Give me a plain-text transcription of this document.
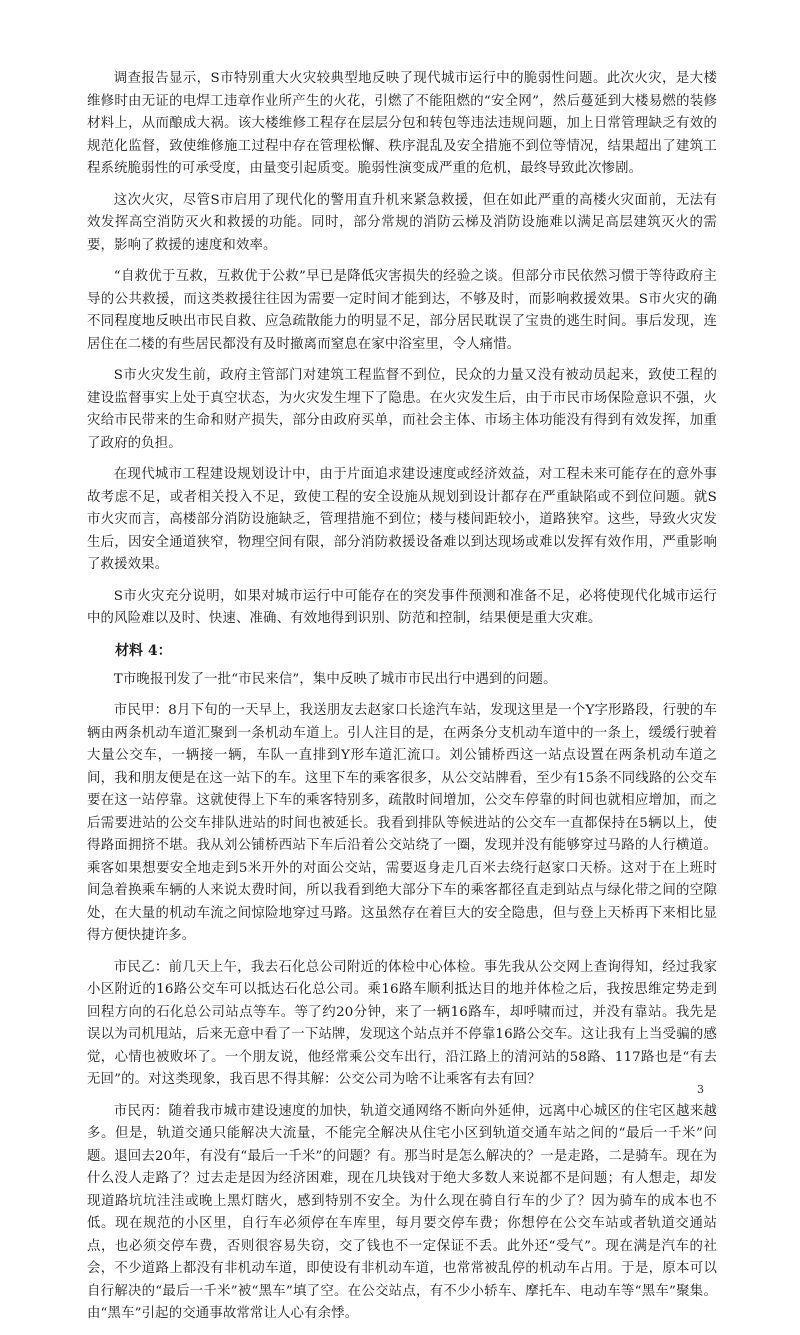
调查报告显示，S市特别重大火灾较典型地反映了现代城市运行中的脆弱性问题。此次火灾，是大楼维修时由无证的电焊工违章作业所产生的火花，引燃了不能阻燃的“安全网”，然后蔓延到大楼易燃的装修材料上，从而酿成大祸。该大楼维修工程存在层层分包和转包等违法违规问题，加上日常管理缺乏有效的规范化监督，致使维修施工过程中存在管理松懈、秩序混乱及安全措施不到位等情况，结果超出了建筑工程系统脆弱性的可承受度，由量变引起质变。脆弱性演变成严重的危机，最终导致此次惨剧。

这次火灾，尽管S市启用了现代化的警用直升机来紧急救援，但在如此严重的高楼火灾面前，无法有效发挥高空消防灭火和救援的功能。同时，部分常规的消防云梯及消防设施难以满足高层建筑灭火的需要，影响了救援的速度和效率。

“自救优于互救，互救优于公救”早已是降低灾害损失的经验之谈。但部分市民依然习惯于等待政府主导的公共救援，而这类救援往往因为需要一定时间才能到达，不够及时，而影响救援效果。S市火灾的确不同程度地反映出市民自救、应急疏散能力的明显不足，部分居民耽误了宝贵的逃生时间。事后发现，连居住在二楼的有些居民都没有及时撤离而窒息在家中浴室里，令人痛惜。

S市火灾发生前，政府主管部门对建筑工程监督不到位，民众的力量又没有被动员起来，致使工程的建设监督事实上处于真空状态，为火灾发生埋下了隐患。在火灾发生后，由于市民市场保险意识不强，火灾给市民带来的生命和财产损失，部分由政府买单，而社会主体、市场主体功能没有得到有效发挥，加重了政府的负担。

在现代城市工程建设规划设计中，由于片面追求建设速度或经济效益，对工程未来可能存在的意外事故考虑不足，或者相关投入不足，致使工程的安全设施从规划到设计都存在严重缺陷或不到位问题。就S市火灾而言，高楼部分消防设施缺乏，管理措施不到位；楼与楼间距较小，道路狭窄。这些，导致火灾发生后，因安全通道狭窄，物理空间有限，部分消防救援设备难以到达现场或难以发挥有效作用，严重影响了救援效果。

S市火灾充分说明，如果对城市运行中可能存在的突发事件预测和准备不足，必将使现代化城市运行中的风险难以及时、快速、准确、有效地得到识别、防范和控制，结果便是重大灾难。

材料 4：

T市晚报刊发了一批“市民来信”，集中反映了城市市民出行中遇到的问题。

市民甲：8月下旬的一天早上，我送朋友去赵家口长途汽车站，发现这里是一个Y字形路段，行驶的车辆由两条机动车道汇聚到一条机动车道上。引人注目的是，在两条分支机动车道中的一条上，缓缓行驶着大量公交车，一辆接一辆，车队一直排到Y形车道汇流口。刘公铺桥西这一站点设置在两条机动车道之间，我和朋友便是在这一站下的车。这里下车的乘客很多，从公交站牌看，至少有15条不同线路的公交车要在这一站停靠。这就使得上下车的乘客特别多，疏散时间增加，公交车停靠的时间也就相应增加，而之后需要进站的公交车排队进站的时间也被延长。我看到排队等候进站的公交车一直都保持在5辆以上，使得路面拥挤不堪。我从刘公铺桥西站下车后沿着公交站绕了一圈，发现并没有能够穿过马路的人行横道。乘客如果想要安全地走到5米开外的对面公交站，需要返身走几百米去绕行赵家口天桥。这对于在上班时间急着换乘车辆的人来说太费时间，所以我看到绝大部分下车的乘客都径直走到站点与绿化带之间的空隙处，在大量的机动车流之间惊险地穿过马路。这虽然存在着巨大的安全隐患，但与登上天桥再下来相比显得方便快捷许多。

市民乙：前几天上午，我去石化总公司附近的体检中心体检。事先我从公交网上查询得知，经过我家小区附近的16路公交车可以抵达石化总公司。乘16路车顺利抵达目的地并体检之后，我按思维定势走到回程方向的石化总公司站点等车。等了约20分钟，来了一辆16路车，却呼啸而过，并没有靠站。我先是误以为司机甩站，后来无意中看了一下站牌，发现这个站点并不停靠16路公交车。这让我有上当受骗的感觉，心情也被败坏了。一个朋友说，他经常乘公交车出行，沿江路上的清河站的58路、117路也是“有去无回”的。对这类现象，我百思不得其解：公交公司为啥不让乘客有去有回？

市民丙：随着我市城市建设速度的加快，轨道交通网络不断向外延伸，远离中心城区的住宅区越来越多。但是，轨道交通只能解决大流量，不能完全解决从住宅小区到轨道交通车站之间的“最后一千米”问题。退回去20年，有没有“最后一千米”的问题？有。那当时是怎么解决的？一是走路，二是骑车。现在为什么没人走路了？过去走是因为经济困难，现在几块钱对于绝大多数人来说都不是问题；有人想走，却发现道路坑坑洼洼或晚上黑灯瞎火，感到特别不安全。为什么现在骑自行车的少了？因为骑车的成本也不低。现在规范的小区里，自行车必须停在车库里，每月要交停车费；你想停在公交车站或者轨道交通站点，也必须交停车费，否则很容易失窃，交了钱也不一定保证不丢。此外还“受气”。现在满是汽车的社会，不少道路上都没有非机动车道，即使设有非机动车道，也常常被乱停的机动车占用。于是，原本可以自行解决的“最后一千米”被“黑车”填了空。在公交站点，有不少小轿车、摩托车、电动车等“黑车”聚集。由“黑车”引起的交通事故常常让人心有余悸。

3
